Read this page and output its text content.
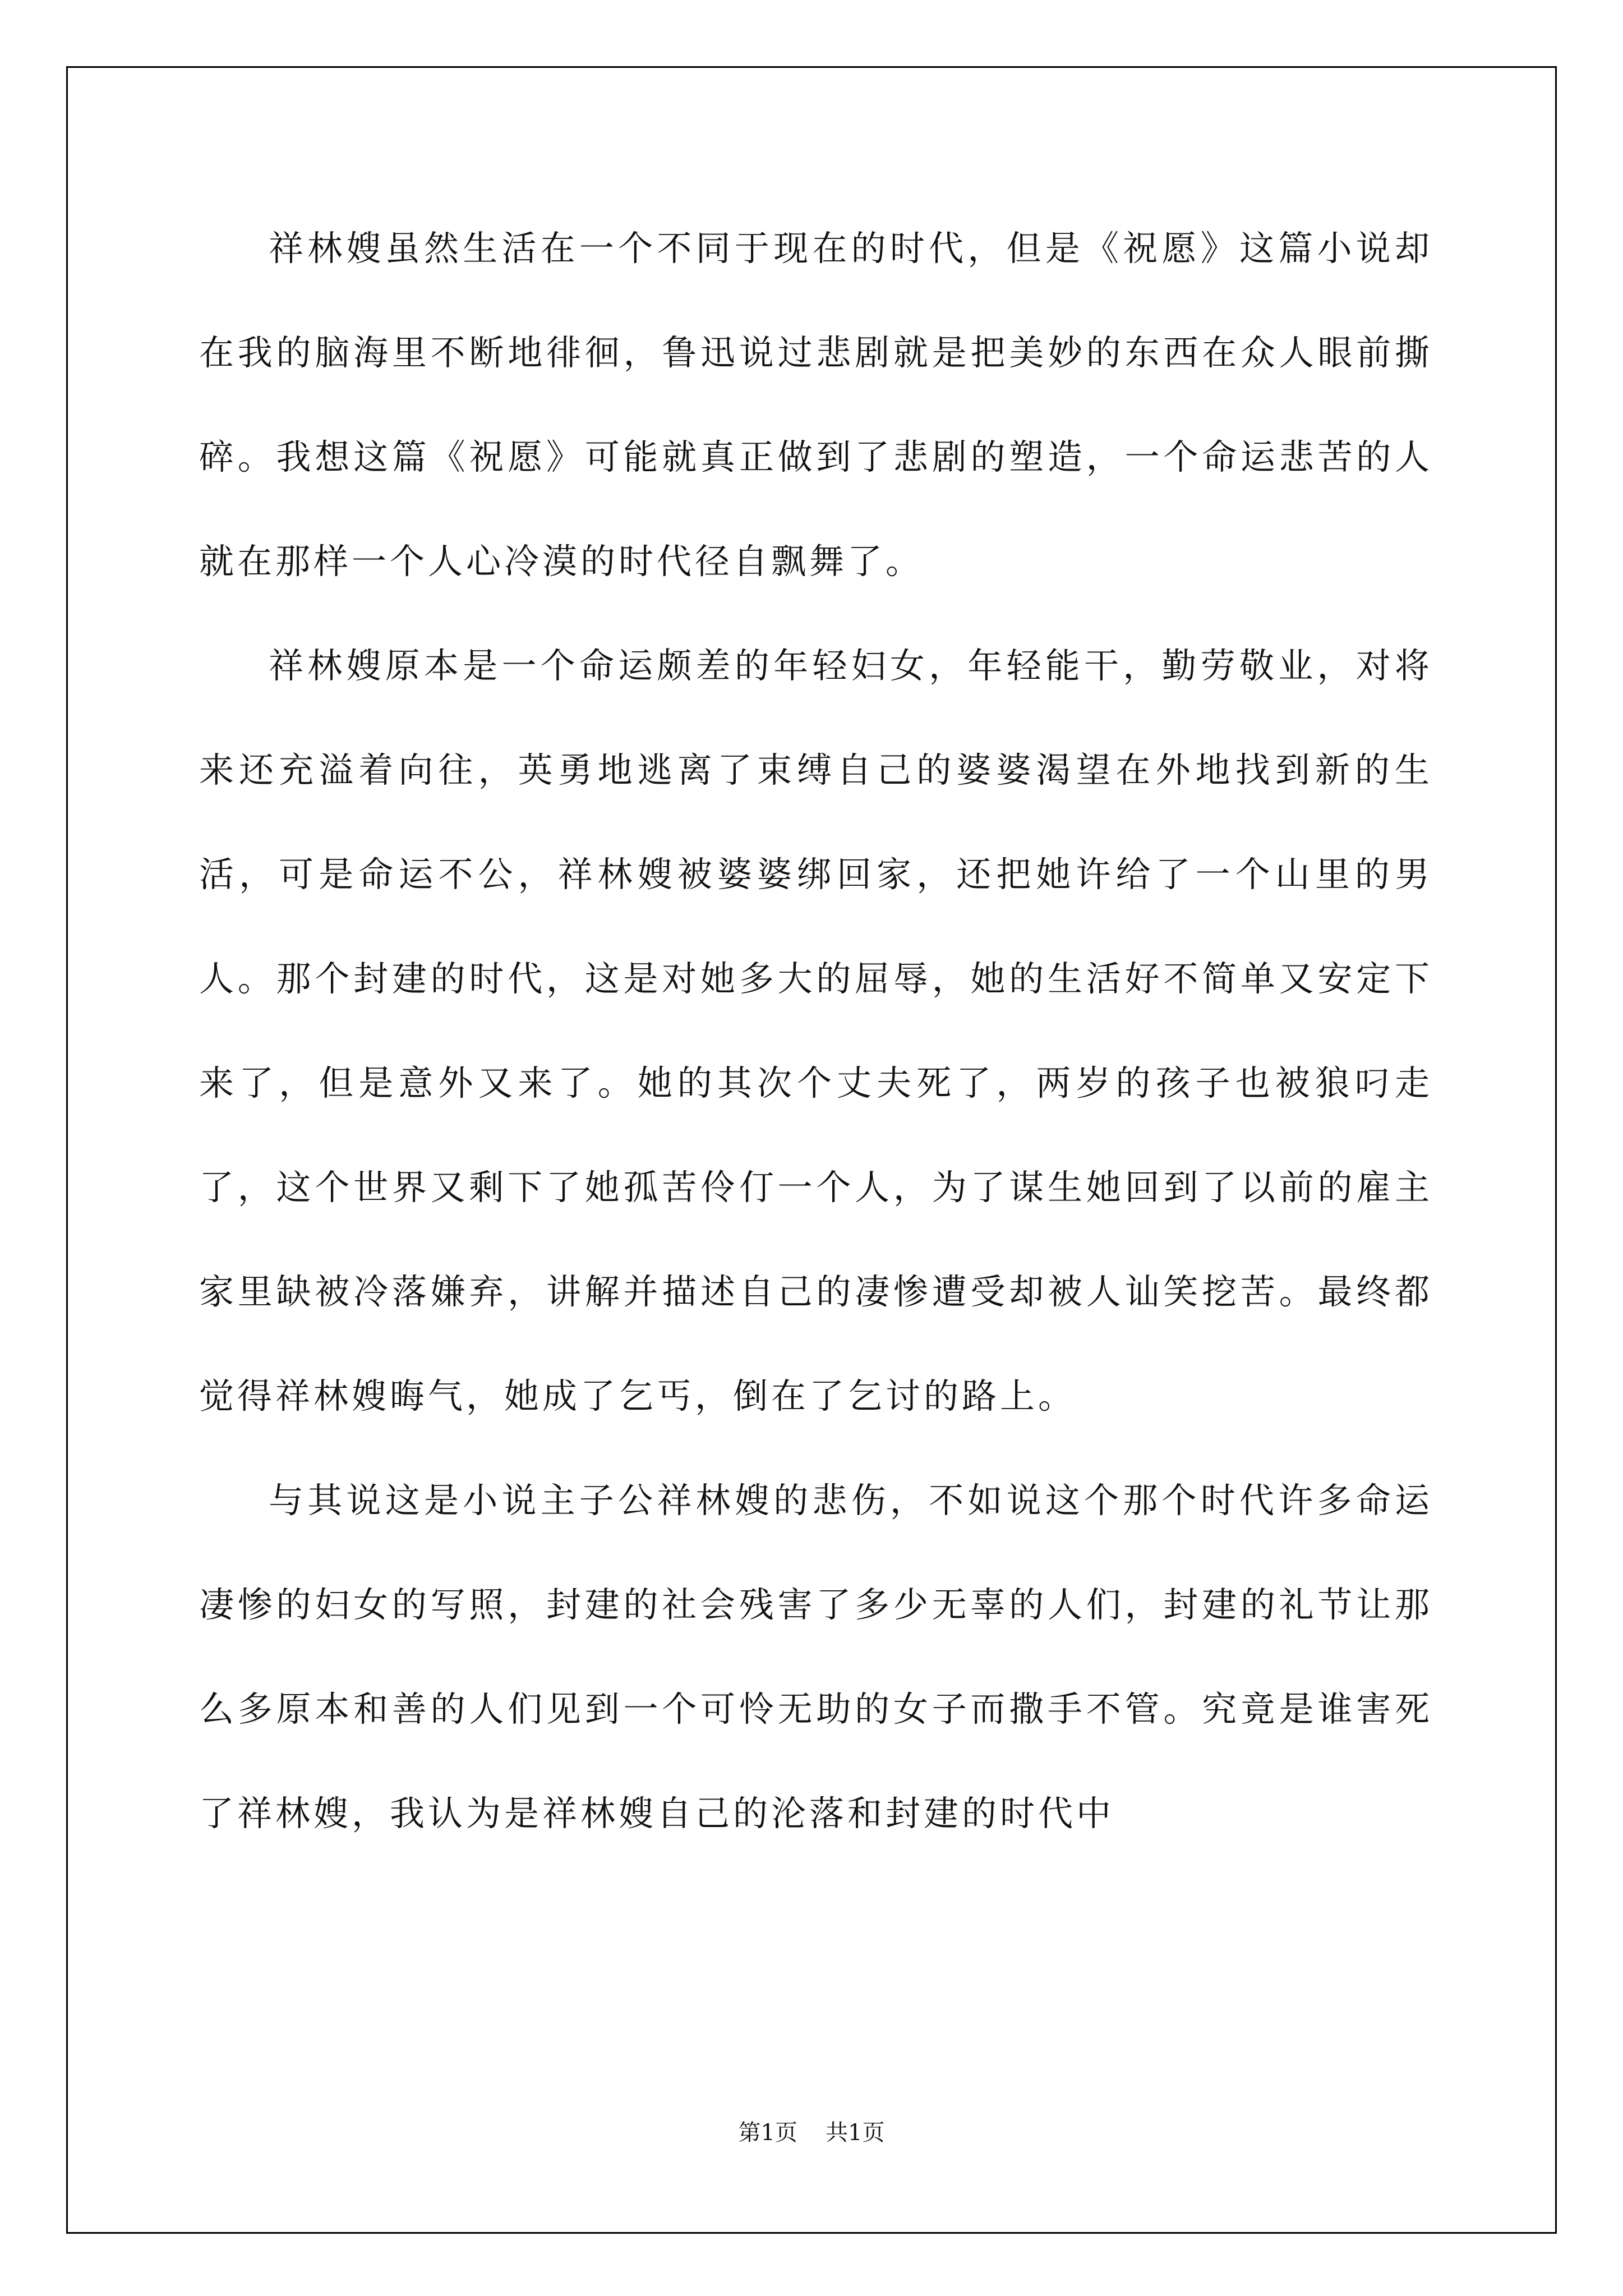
祥林嫂虽然生活在一个不同于现在的时代，但是《祝愿》这篇小说却在我的脑海里不断地徘徊，鲁迅说过悲剧就是把美妙的东西在众人眼前撕碎。我想这篇《祝愿》可能就真正做到了悲剧的塑造，一个命运悲苦的人就在那样一个人心冷漠的时代径自飘舞了。

祥林嫂原本是一个命运颇差的年轻妇女，年轻能干，勤劳敬业，对将来还充溢着向往，英勇地逃离了束缚自己的婆婆渴望在外地找到新的生活，可是命运不公，祥林嫂被婆婆绑回家，还把她许给了一个山里的男人。那个封建的时代，这是对她多大的屈辱，她的生活好不简单又安定下来了，但是意外又来了。她的其次个丈夫死了，两岁的孩子也被狼叼走了，这个世界又剩下了她孤苦伶仃一个人，为了谋生她回到了以前的雇主家里缺被冷落嫌弃，讲解并描述自己的凄惨遭受却被人讪笑挖苦。最终都觉得祥林嫂晦气，她成了乞丐，倒在了乞讨的路上。

与其说这是小说主子公祥林嫂的悲伤，不如说这个那个时代许多命运凄惨的妇女的写照，封建的社会残害了多少无辜的人们，封建的礼节让那么多原本和善的人们见到一个可怜无助的女子而撒手不管。究竟是谁害死了祥林嫂，我认为是祥林嫂自己的沦落和封建的时代中

第1页 共1页
